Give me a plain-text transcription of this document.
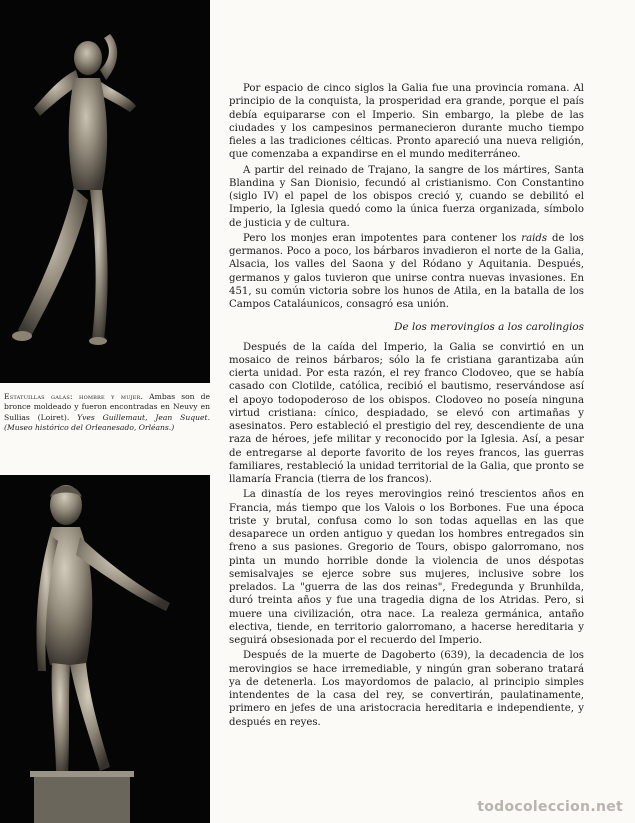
Estatuillas galas: hombre y mujer. Ambas son de bronce moldeado y fueron encontradas en Neuvy en Sullias (Loiret). Yves Guillemaut, Jean Suquet. (Museo histórico del Orleanesado, Orléans.)

Por espacio de cinco siglos la Galia fue una provincia romana. Al principio de la conquista, la prosperidad era grande, porque el país debía equipararse con el Imperio. Sin embargo, la plebe de las ciudades y los campesinos permanecieron durante mucho tiempo fieles a las tradiciones célticas. Pronto apareció una nueva religión, que comenzaba a expandirse en el mundo mediterráneo.

A partir del reinado de Trajano, la sangre de los mártires, Santa Blandina y San Dionisio, fecundó al cristianismo. Con Constantino (siglo IV) el papel de los obispos creció y, cuando se debilitó el Imperio, la Iglesia quedó como la única fuerza organizada, símbolo de justicia y de cultura.

Pero los monjes eran impotentes para contener los raids de los germanos. Poco a poco, los bárbaros invadieron el norte de la Galia, Alsacia, los valles del Saona y del Ródano y Aquitania. Después, germanos y galos tuvieron que unirse contra nuevas invasiones. En 451, su común victoria sobre los hunos de Atila, en la batalla de los Campos Cataláunicos, consagró esa unión.

De los merovingios a los carolingios

Después de la caída del Imperio, la Galia se convirtió en un mosaico de reinos bárbaros; sólo la fe cristiana garantizaba aún cierta unidad. Por esta razón, el rey franco Clodoveo, que se había casado con Clotilde, católica, recibió el bautismo, reservándose así el apoyo todopoderoso de los obispos. Clodoveo no poseía ninguna virtud cristiana: cínico, despiadado, se elevó con artimañas y asesinatos. Pero estableció el prestigio del rey, descendiente de una raza de héroes, jefe militar y reconocido por la Iglesia. Así, a pesar de entregarse al deporte favorito de los reyes francos, las guerras familiares, restableció la unidad territorial de la Galia, que pronto se llamaría Francia (tierra de los francos).

La dinastía de los reyes merovingios reinó trescientos años en Francia, más tiempo que los Valois o los Borbones. Fue una época triste y brutal, confusa como lo son todas aquellas en las que desaparece un orden antiguo y quedan los hombres entregados sin freno a sus pasiones. Gregorio de Tours, obispo galorromano, nos pinta un mundo horrible donde la violencia de unos déspotas semisalvajes se ejerce sobre sus mujeres, inclusive sobre los prelados. La "guerra de las dos reinas", Fredegunda y Brunhilda, duró treinta años y fue una tragedia digna de los Atridas. Pero, si muere una civilización, otra nace. La realeza germánica, antaño electiva, tiende, en territorio galorromano, a hacerse hereditaria y seguirá obsesionada por el recuerdo del Imperio.

Después de la muerte de Dagoberto (639), la decadencia de los merovingios se hace irremediable, y ningún gran soberano tratará ya de detenerla. Los mayordomos de palacio, al principio simples intendentes de la casa del rey, se convertirán, paulatinamente, primero en jefes de una aristocracia hereditaria e independiente, y después en reyes.

todocoleccion.net
